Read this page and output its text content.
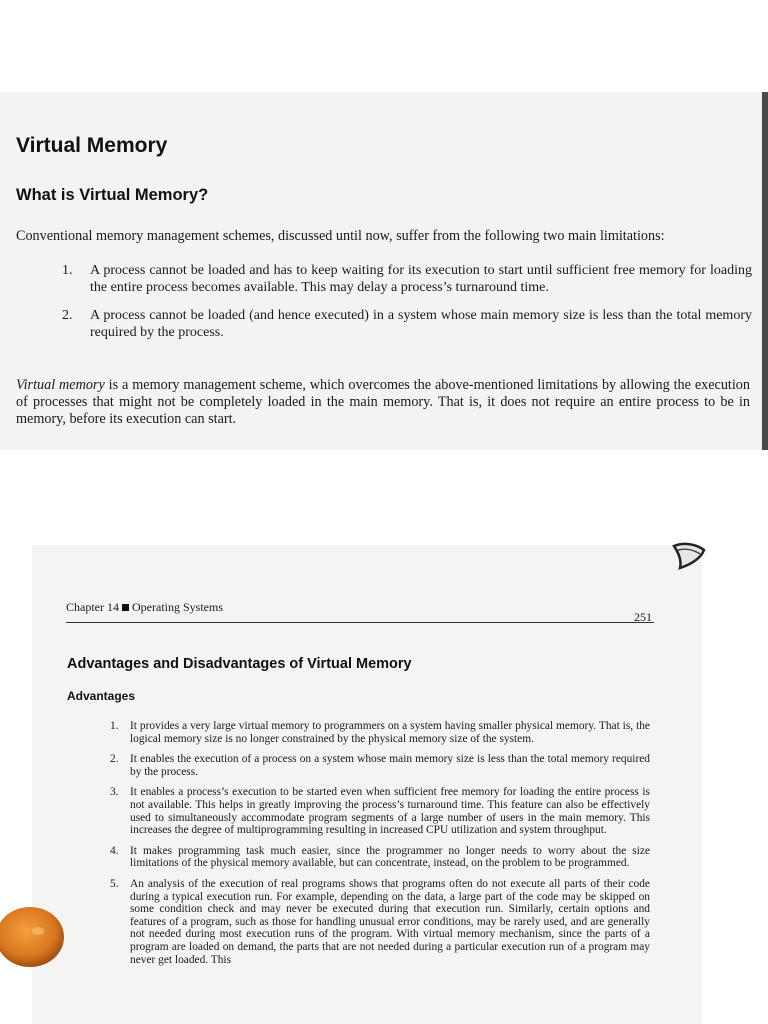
Virtual Memory
What is Virtual Memory?

Conventional memory management schemes, discussed until now, suffer from the following two main limitations:

1.	A process cannot be loaded and has to keep waiting for its execution to start until sufficient free memory for loading the entire process becomes available. This may delay a process’s turnaround time.
2.	A process cannot be loaded (and hence executed) in a system whose main memory size is less than the total memory required by the process.

Virtual memory is a memory management scheme, which overcomes the above-mentioned limitations by allowing the execution of processes that might not be completely loaded in the main memory. That is, it does not require an entire process to be in memory, before its execution can start.

Chapter 14 Operating Systems
251
Advantages and Disadvantages of Virtual Memory
Advantages
1.	It provides a very large virtual memory to programmers on a system having smaller physical memory. That is, the logical memory size is no longer constrained by the physical memory size of the system.
2.	It enables the execution of a process on a system whose main memory size is less than the total memory required by the process.
3.	It enables a process’s execution to be started even when sufficient free memory for loading the entire process is not available. This helps in greatly improving the process’s turnaround time. This feature can also be effectively used to simultaneously accommodate program segments of a large number of users in the main memory. This increases the degree of multiprogramming resulting in increased CPU utilization and system throughput.
4.	It makes programming task much easier, since the programmer no longer needs to worry about the size limitations of the physical memory available, but can concentrate, instead, on the problem to be programmed.
5.	An analysis of the execution of real programs shows that programs often do not execute all parts of their code during a typical execution run. For example, depending on the data, a large part of the code may be skipped on some condition check and may never be executed during that execution run. Similarly, certain options and features of a program, such as those for handling unusual error conditions, may be rarely used, and are generally not needed during most execution runs of the program. With virtual memory mechanism, since the parts of a program are loaded on demand, the parts that are not needed during a particular execution run of a program may never get loaded. This
